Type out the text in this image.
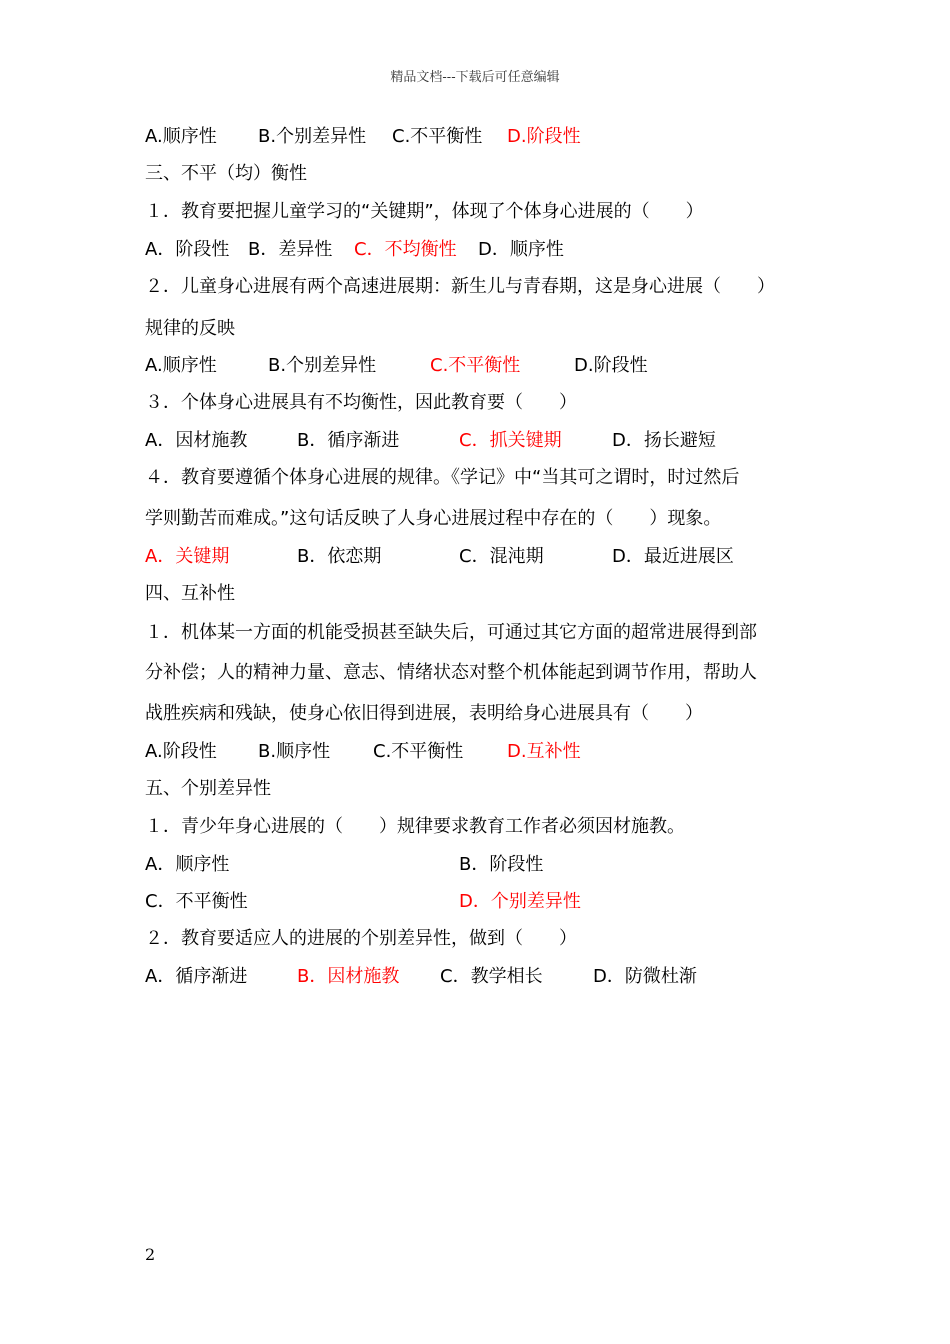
精品文档---下载后可任意编辑
A.顺序性 B.个别差异性 C.不平衡性 D.阶段性
三、不平（均）衡性
１．教育要把握儿童学习的“关键期”，体现了个体身心进展的（　　）
A．阶段性 B．差异性 C．不均衡性 D．顺序性
２．儿童身心进展有两个高速进展期：新生儿与青春期，这是身心进展（　　）
规律的反映
A.顺序性	B.个别差异性	C.不平衡性	D.阶段性
３．个体身心进展具有不均衡性，因此教育要（　　）
A．因材施教	B．循序渐进	C．抓关键期	D．扬长避短
４．教育要遵循个体身心进展的规律。《学记》中“当其可之谓时，时过然后
学则勤苦而难成。”这句话反映了人身心进展过程中存在的（　　）现象。
A．关键期	B．依恋期	C．混沌期	D．最近进展区
四、互补性
１．机体某一方面的机能受损甚至缺失后，可通过其它方面的超常进展得到部
分补偿；人的精神力量、意志、情绪状态对整个机体能起到调节作用，帮助人
战胜疾病和残缺，使身心依旧得到进展，表明给身心进展具有（　　）
A.阶段性 B.顺序性 C.不平衡性 D.互补性
五、个别差异性
１．青少年身心进展的（　　）规律要求教育工作者必须因材施教。
A．顺序性	B．阶段性
C．不平衡性	D．个别差异性
２．教育要适应人的进展的个别差异性，做到（　　）
A．循序渐进	B．因材施教 C．教学相长	D．防微杜渐
2
